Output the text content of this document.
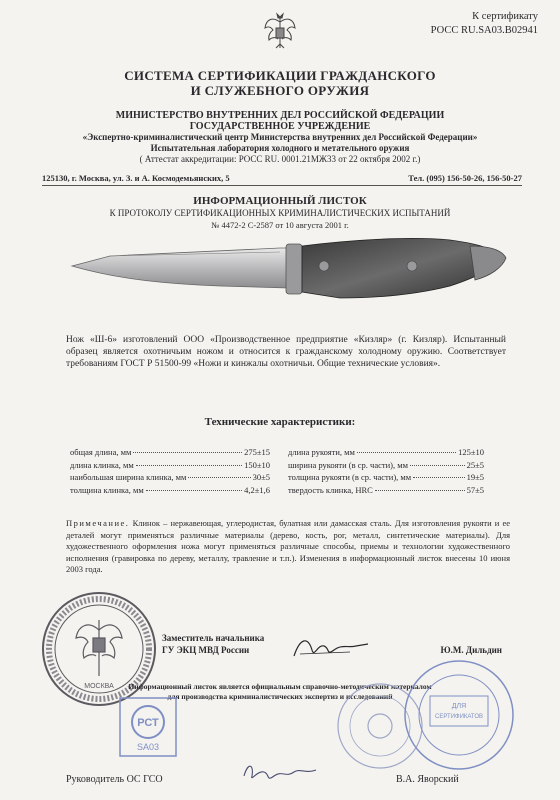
К сертификату
РОСС RU.SA03.B02941
СИСТЕМА СЕРТИФИКАЦИИ ГРАЖДАНСКОГО
И СЛУЖЕБНОГО ОРУЖИЯ
МИНИСТЕРСТВО ВНУТРЕННИХ ДЕЛ РОССИЙСКОЙ ФЕДЕРАЦИИ
ГОСУДАРСТВЕННОЕ УЧРЕЖДЕНИЕ
«Экспертно-криминалистический центр Министерства внутренних дел Российской Федерации»
Испытательная лаборатория холодного и метательного оружия
( Аттестат аккредитации: РОСС RU. 0001.21МЖ33 от 22 октября 2002 г.)
125130, г. Москва, ул. З. и А. Космодемьянских, 5	Тел. (095) 156-50-26, 156-50-27
ИНФОРМАЦИОННЫЙ ЛИСТОК
К ПРОТОКОЛУ СЕРТИФИКАЦИОННЫХ КРИМИНАЛИСТИЧЕСКИХ ИСПЫТАНИЙ
№ 4472-2 С-2587 от 10 августа 2001 г.
Нож «Ш-6» изготовлений ООО «Производственное предприятие «Кизляр» (г. Кизляр). Испытанный образец является охотничьим ножом и относится к гражданскому холодному оружию. Соответствует требованиям ГОСТ Р 51500-99 «Ножи и кинжалы охотничьи. Общие технические условия».
Технические характеристики:
общая длина, мм	275±15
длина клинка, мм	150±10
наибольшая ширина клинка, мм	30±5
толщина клинка, мм	4,2±1,6
длина рукояти, мм	125±10
ширина рукояти (в ср. части), мм	25±5
толщина рукояти (в ср. части), мм	19±5
твердость клинка, HRC	57±5
Примечание. Клинок – нержавеющая, углеродистая, булатная или дамасская сталь. Для изготовления рукояти и ее деталей могут применяться различные материалы (дерево, кость, рог, металл, синтетические материалы). Для художественного оформления ножа могут применяться различные способы, приемы и технологии художественного исполнения (гравировка по дереву, металлу, травление и т.п.). Изменения в информационный листок внесены 10 июня 2003 года.
МОСКВА
Заместитель начальника
ГУ ЭКЦ МВД России	Ю.М. Дильдин
Информационный листок является официальным справочно-методическим материалом
для производства криминалистических экспертиз и исследований
РСТ
SA03
ДЛЯ
СЕРТИФИКАТОВ
Руководитель ОС ГСО	В.А. Яворский
